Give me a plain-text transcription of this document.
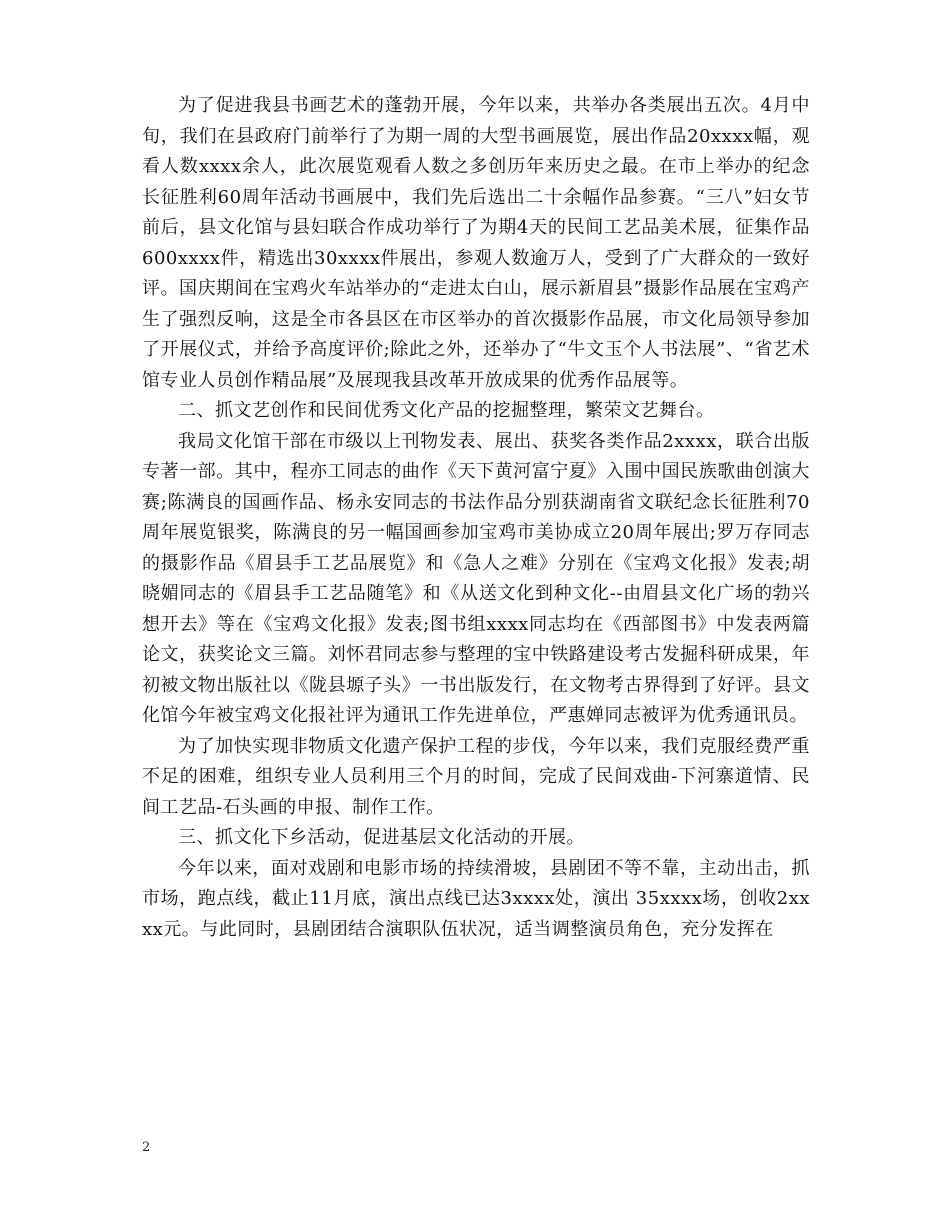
为了促进我县书画艺术的蓬勃开展，今年以来，共举办各类展出五次。4月中旬，我们在县政府门前举行了为期一周的大型书画展览，展出作品20xxxx幅，观看人数xxxx余人，此次展览观看人数之多创历年来历史之最。在市上举办的纪念长征胜利60周年活动书画展中，我们先后选出二十余幅作品参赛。“三八”妇女节前后，县文化馆与县妇联合作成功举行了为期4天的民间工艺品美术展，征集作品600xxxx件，精选出30xxxx件展出，参观人数逾万人，受到了广大群众的一致好评。国庆期间在宝鸡火车站举办的“走进太白山，展示新眉县”摄影作品展在宝鸡产生了强烈反响，这是全市各县区在市区举办的首次摄影作品展，市文化局领导参加了开展仪式，并给予高度评价;除此之外，还举办了“牛文玉个人书法展”、“省艺术馆专业人员创作精品展”及展现我县改革开放成果的优秀作品展等。

二、抓文艺创作和民间优秀文化产品的挖掘整理，繁荣文艺舞台。

我局文化馆干部在市级以上刊物发表、展出、获奖各类作品2xxxx，联合出版专著一部。其中，程亦工同志的曲作《天下黄河富宁夏》入围中国民族歌曲创演大赛;陈满良的国画作品、杨永安同志的书法作品分别获湖南省文联纪念长征胜利70周年展览银奖，陈满良的另一幅国画参加宝鸡市美协成立20周年展出;罗万存同志的摄影作品《眉县手工艺品展览》和《急人之难》分别在《宝鸡文化报》发表;胡晓媚同志的《眉县手工艺品随笔》和《从送文化到种文化--由眉县文化广场的勃兴想开去》等在《宝鸡文化报》发表;图书组xxxx同志均在《西部图书》中发表两篇论文，获奖论文三篇。刘怀君同志参与整理的宝中铁路建设考古发掘科研成果，年初被文物出版社以《陇县塬子头》一书出版发行，在文物考古界得到了好评。县文化馆今年被宝鸡文化报社评为通讯工作先进单位，严惠婵同志被评为优秀通讯员。

为了加快实现非物质文化遗产保护工程的步伐，今年以来，我们克服经费严重不足的困难，组织专业人员利用三个月的时间，完成了民间戏曲-下河寨道情、民间工艺品-石头画的申报、制作工作。

三、抓文化下乡活动，促进基层文化活动的开展。

今年以来，面对戏剧和电影市场的持续滑坡，县剧团不等不靠，主动出击，抓市场，跑点线，截止11月底，演出点线已达3xxxx处，演出 35xxxx场，创收2xxxx元。与此同时，县剧团结合演职队伍状况，适当调整演员角色，充分发挥在

2
